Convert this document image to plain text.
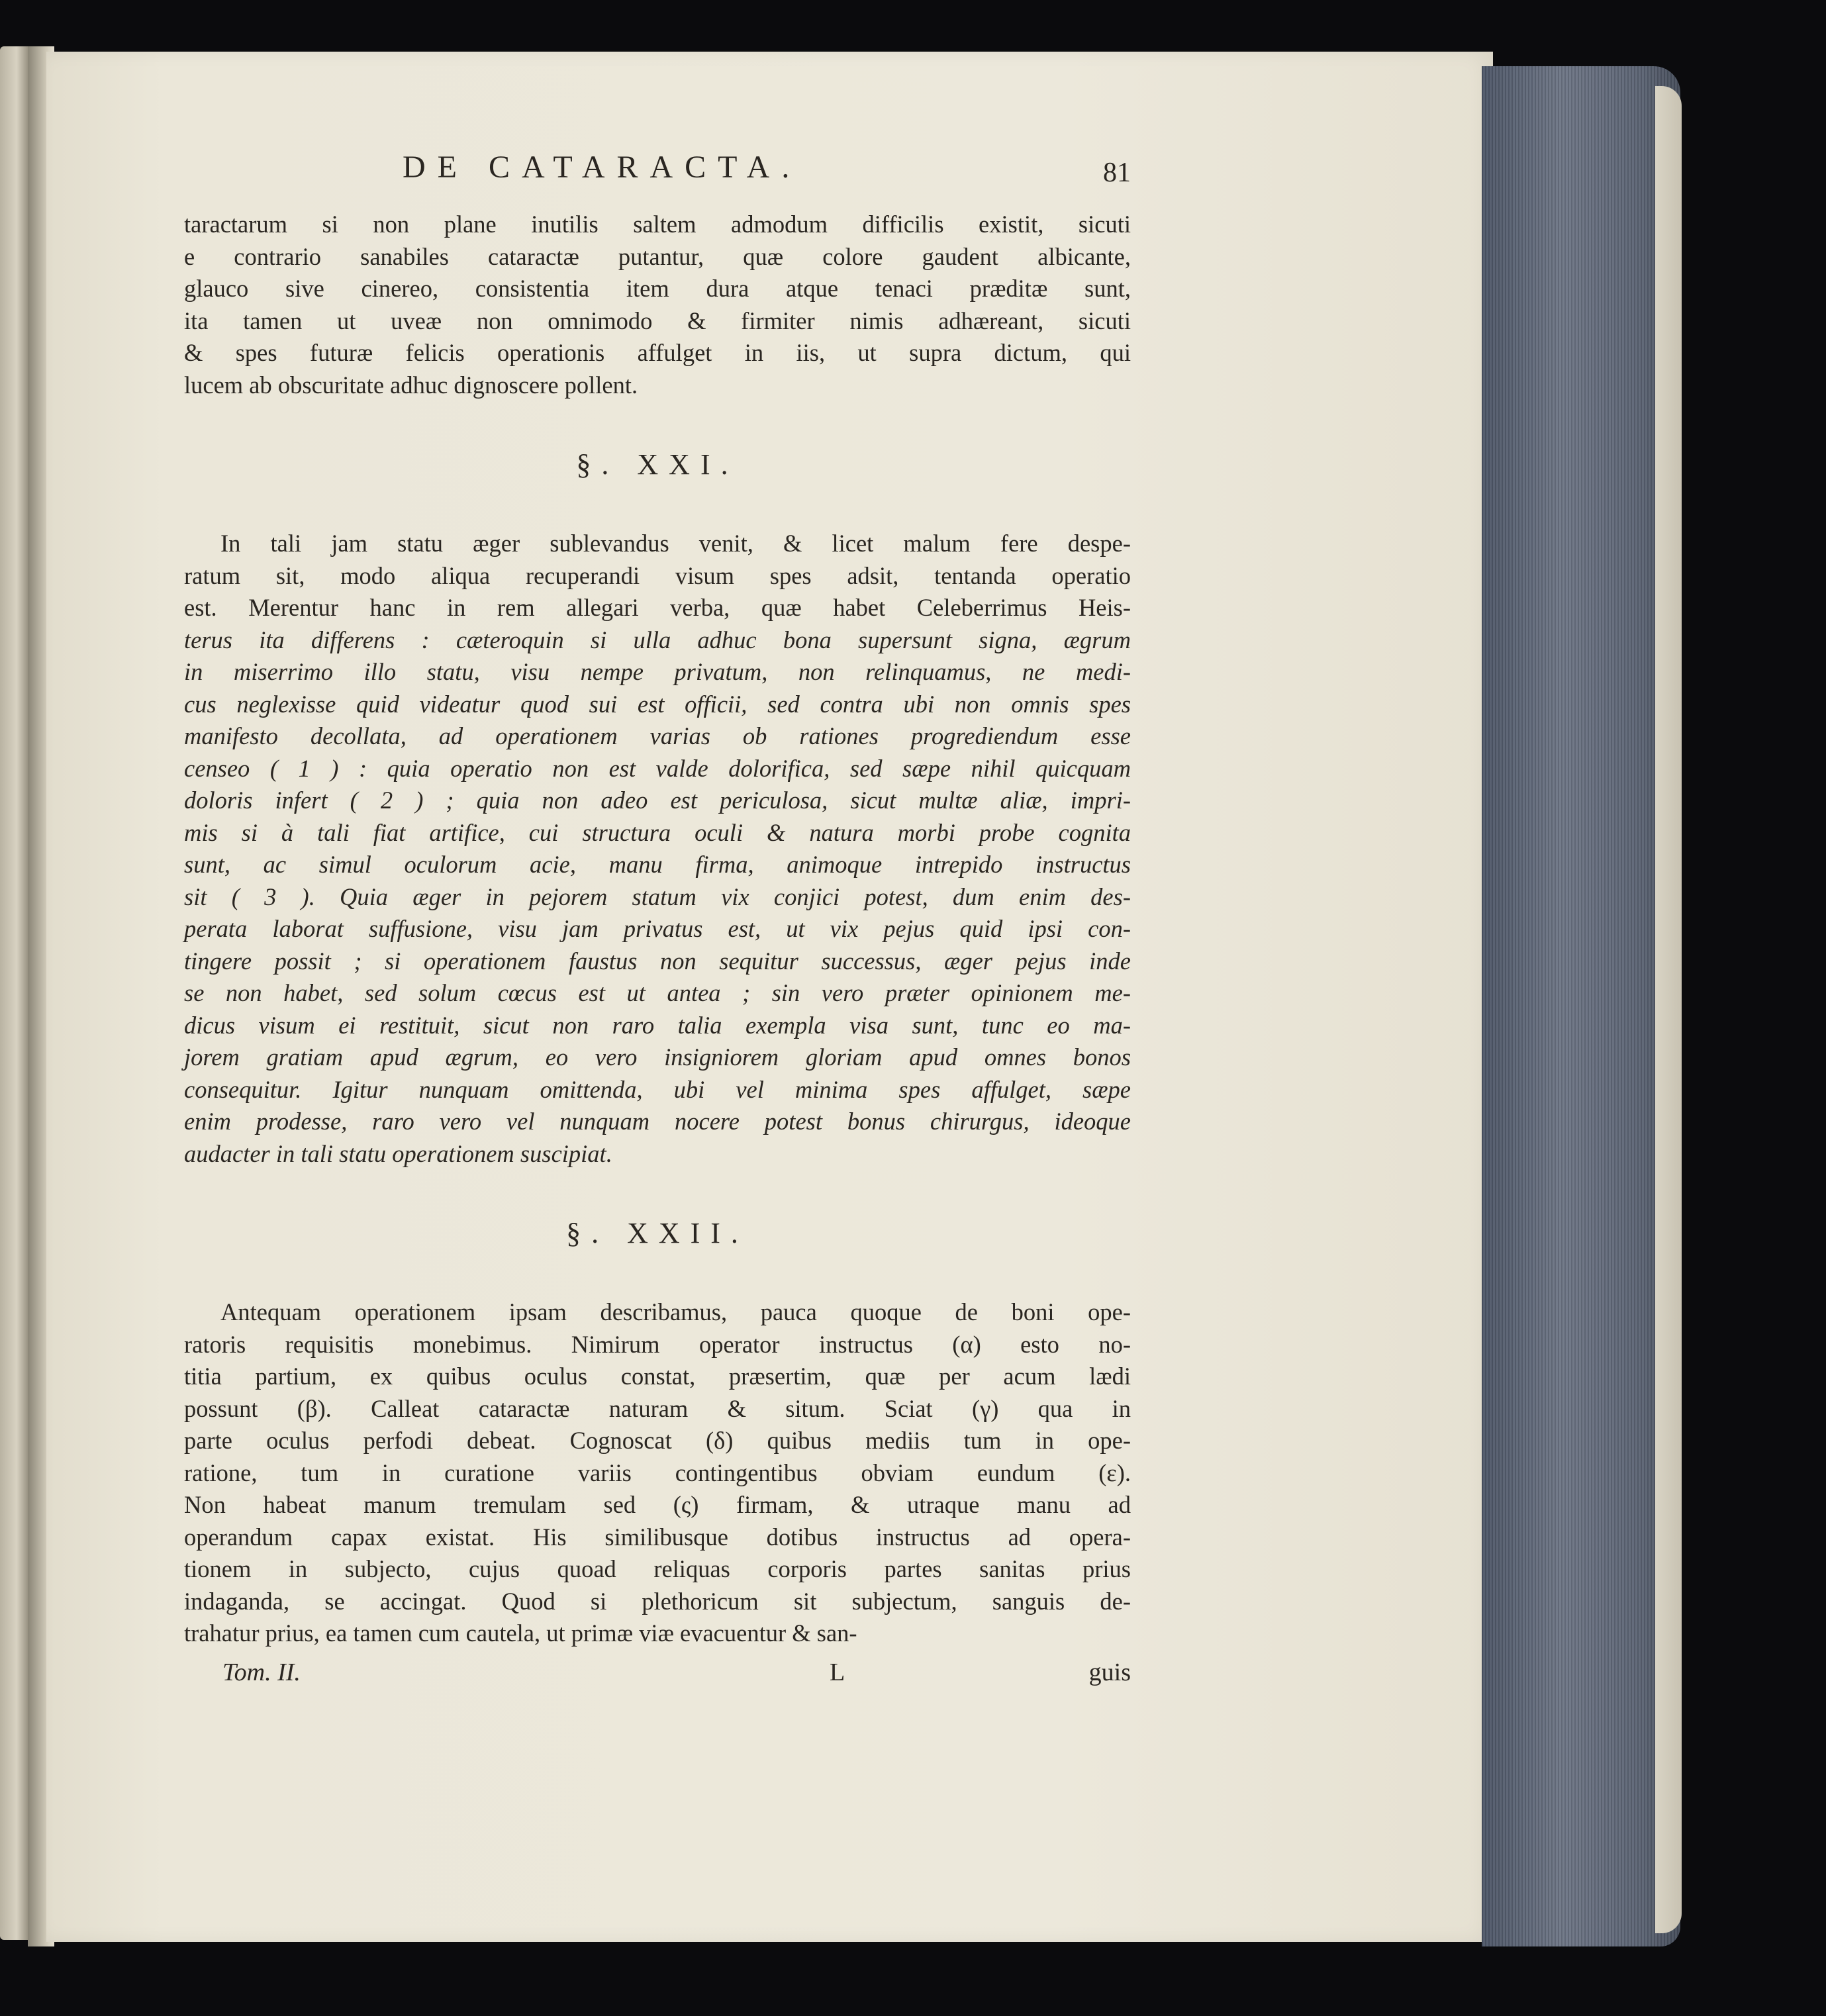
DE CATARACTA.	81
taractarum si non plane inutilis saltem admodum difficilis existit, sicuti
e contrario sanabiles cataractæ putantur, quæ colore gaudent albicante,
glauco sive cinereo, consistentia item dura atque tenaci præditæ sunt,
ita tamen ut uveæ non omnimodo & firmiter nimis adhæreant, sicuti
& spes futuræ felicis operationis affulget in iis, ut supra dictum, qui
lucem ab obscuritate adhuc dignoscere pollent.
§. XXI.
In tali jam statu æger sublevandus venit, & licet malum fere despe-
ratum sit, modo aliqua recuperandi visum spes adsit, tentanda operatio
est. Merentur hanc in rem allegari verba, quæ habet Celeberrimus Heis-
terus ita differens : cæteroquin si ulla adhuc bona supersunt signa, ægrum
in miserrimo illo statu, visu nempe privatum, non relinquamus, ne medi-
cus neglexisse quid videatur quod sui est officii, sed contra ubi non omnis spes
manifesto decollata, ad operationem varias ob rationes progrediendum esse
censeo ( 1 ) : quia operatio non est valde dolorifica, sed sæpe nihil quicquam
doloris infert ( 2 ) ; quia non adeo est periculosa, sicut multæ aliæ, impri-
mis si à tali fiat artifice, cui structura oculi & natura morbi probe cognita
sunt, ac simul oculorum acie, manu firma, animoque intrepido instructus
sit ( 3 ). Quia æger in pejorem statum vix conjici potest, dum enim des-
perata laborat suffusione, visu jam privatus est, ut vix pejus quid ipsi con-
tingere possit ; si operationem faustus non sequitur successus, æger pejus inde
se non habet, sed solum cœcus est ut antea ; sin vero præter opinionem me-
dicus visum ei restituit, sicut non raro talia exempla visa sunt, tunc eo ma-
jorem gratiam apud ægrum, eo vero insigniorem gloriam apud omnes bonos
consequitur. Igitur nunquam omittenda, ubi vel minima spes affulget, sæpe
enim prodesse, raro vero vel nunquam nocere potest bonus chirurgus, ideoque
audacter in tali statu operationem suscipiat.
§. XXII.
Antequam operationem ipsam describamus, pauca quoque de boni ope-
ratoris requisitis monebimus. Nimirum operator instructus (α) esto no-
titia partium, ex quibus oculus constat, præsertim, quæ per acum lædi
possunt (β). Calleat cataractæ naturam & situm. Sciat (γ) qua in
parte oculus perfodi debeat. Cognoscat (δ) quibus mediis tum in ope-
ratione, tum in curatione variis contingentibus obviam eundum (ε).
Non habeat manum tremulam sed (ς) firmam, & utraque manu ad
operandum capax existat. His similibusque dotibus instructus ad opera-
tionem in subjecto, cujus quoad reliquas corporis partes sanitas prius
indaganda, se accingat. Quod si plethoricum sit subjectum, sanguis de-
trahatur prius, ea tamen cum cautela, ut primæ viæ evacuentur & san-
Tom. II.	L	guis
